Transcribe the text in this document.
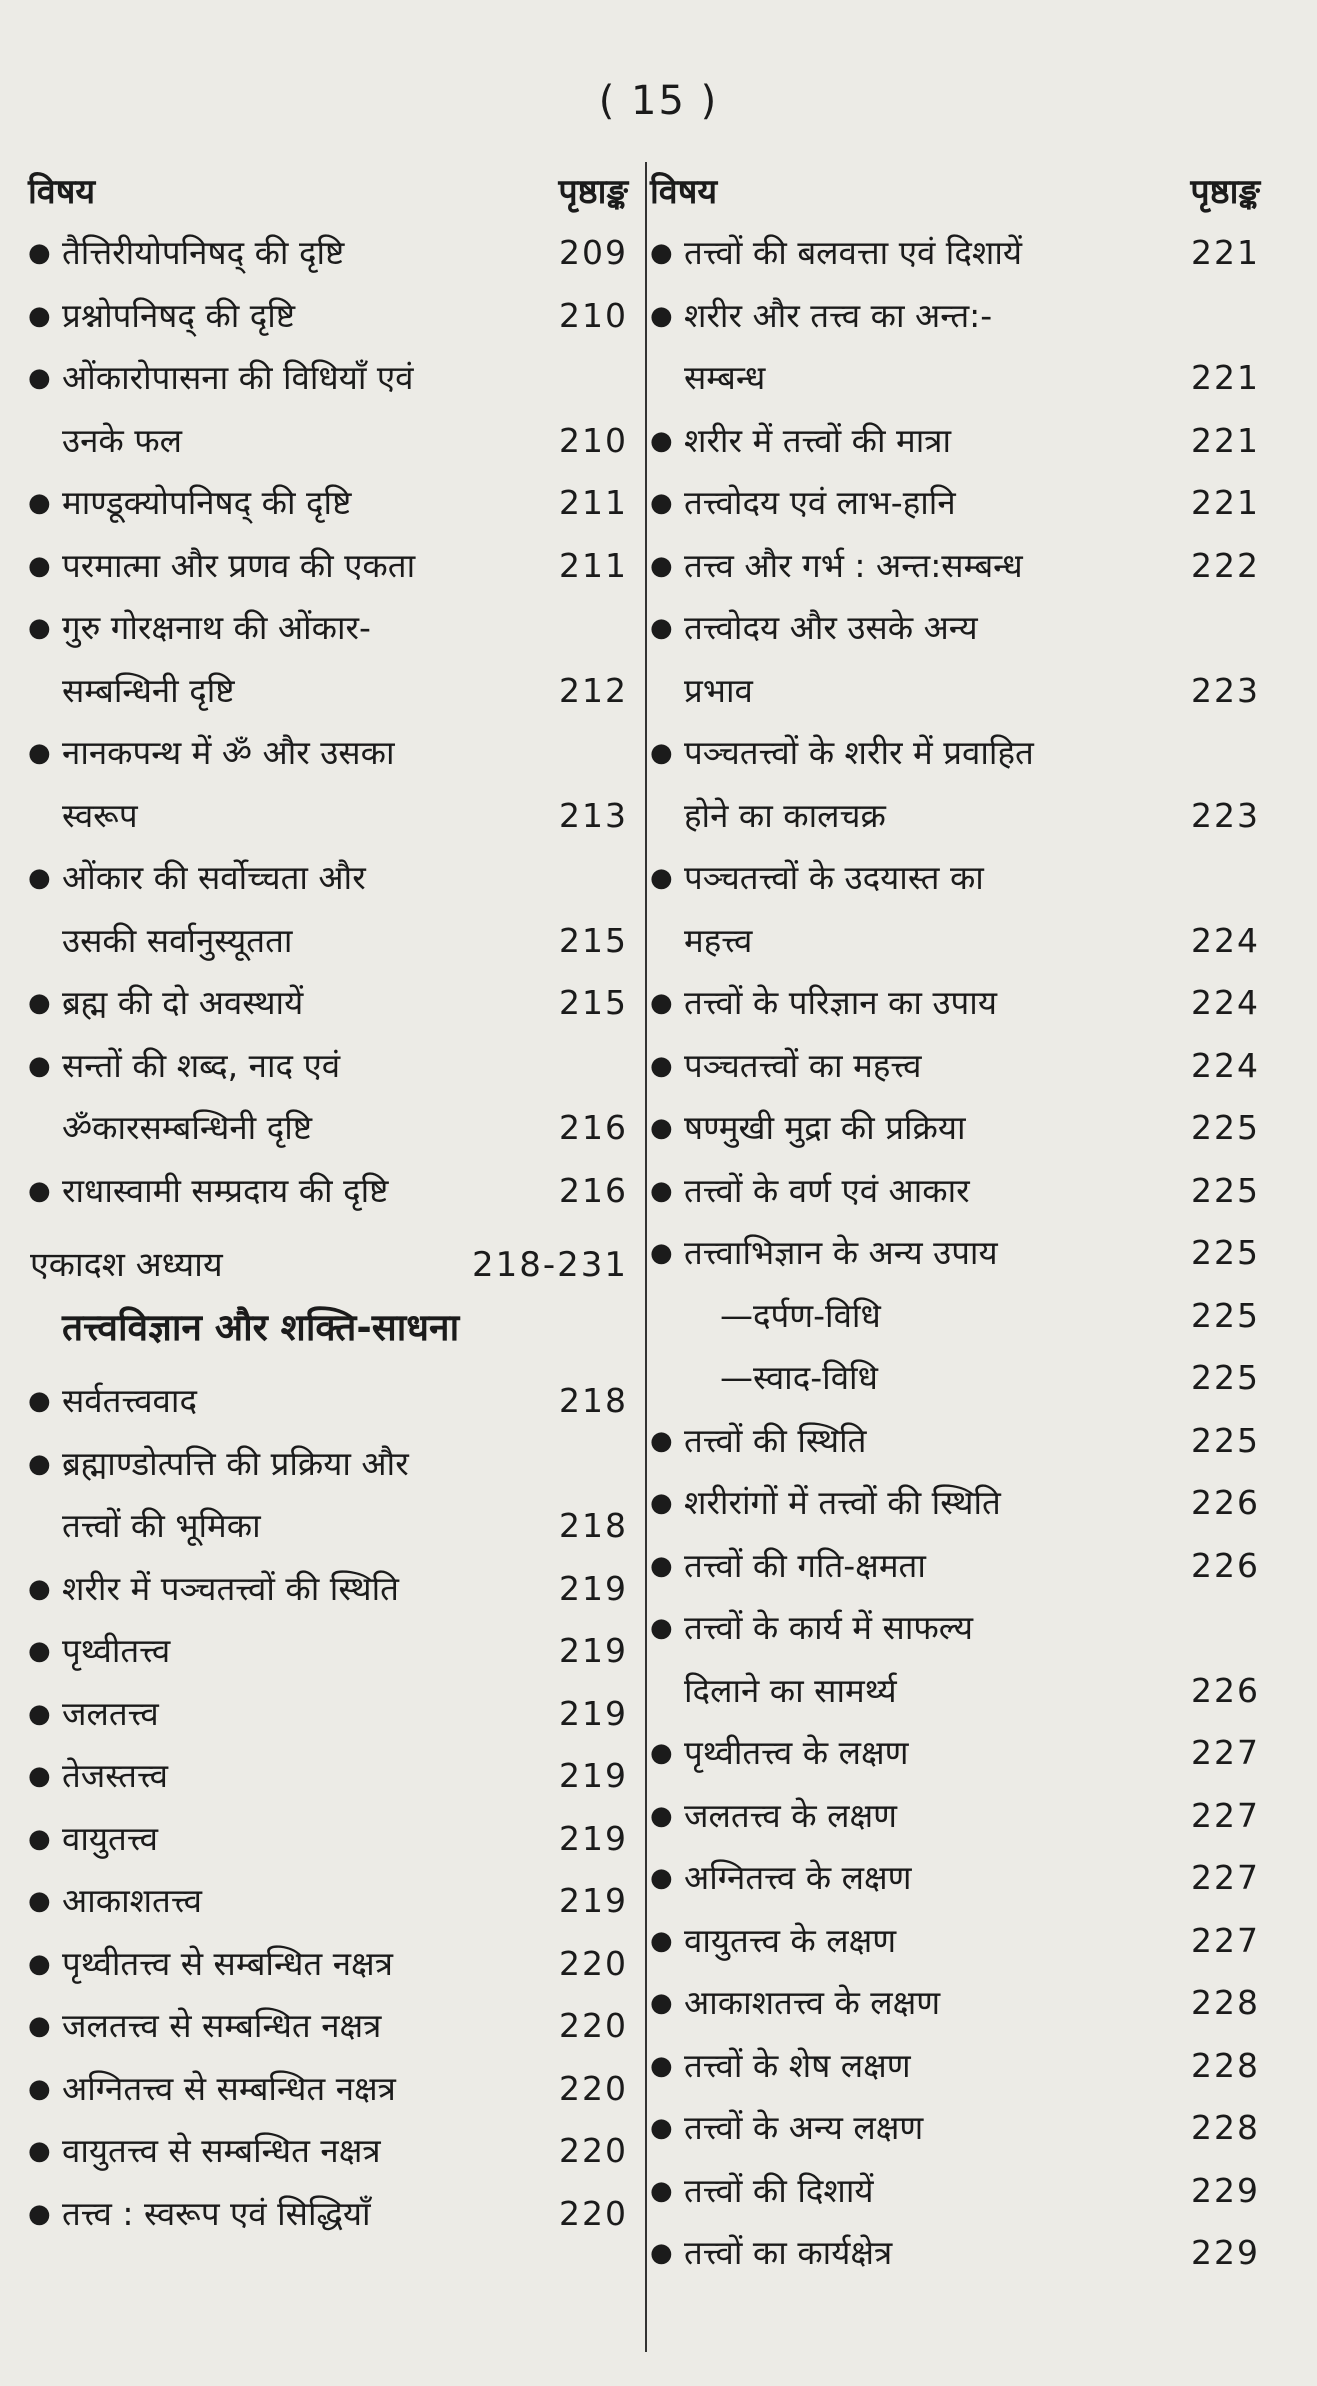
( 15 )
विषय	पृष्ठाङ्क
● तैत्तिरीयोपनिषद् की दृष्टि	209
● प्रश्नोपनिषद् की दृष्टि	210
● ओंकारोपासना की विधियाँ एवं
उनके फल	210
● माण्डूक्योपनिषद् की दृष्टि	211
● परमात्मा और प्रणव की एकता	211
● गुरु गोरक्षनाथ की ओंकार-
सम्बन्धिनी दृष्टि	212
● नानकपन्थ में ॐ और उसका
स्वरूप	213
● ओंकार की सर्वोच्चता और
उसकी सर्वानुस्यूतता	215
● ब्रह्म की दो अवस्थायें	215
● सन्तों की शब्द, नाद एवं
ॐकारसम्बन्धिनी दृष्टि	216
● राधास्वामी सम्प्रदाय की दृष्टि	216
एकादश अध्याय	218-231
तत्त्वविज्ञान और शक्ति-साधना
● सर्वतत्त्ववाद	218
● ब्रह्माण्डोत्पत्ति की प्रक्रिया और
तत्त्वों की भूमिका	218
● शरीर में पञ्चतत्त्वों की स्थिति	219
● पृथ्वीतत्त्व	219
● जलतत्त्व	219
● तेजस्तत्त्व	219
● वायुतत्त्व	219
● आकाशतत्त्व	219
● पृथ्वीतत्त्व से सम्बन्धित नक्षत्र	220
● जलतत्त्व से सम्बन्धित नक्षत्र	220
● अग्नितत्त्व से सम्बन्धित नक्षत्र	220
● वायुतत्त्व से सम्बन्धित नक्षत्र	220
● तत्त्व : स्वरूप एवं सिद्धियाँ	220
विषय	पृष्ठाङ्क
● तत्त्वों की बलवत्ता एवं दिशायें	221
● शरीर और तत्त्व का अन्त:-
सम्बन्ध	221
● शरीर में तत्त्वों की मात्रा	221
● तत्त्वोदय एवं लाभ-हानि	221
● तत्त्व और गर्भ : अन्त:सम्बन्ध	222
● तत्त्वोदय और उसके अन्य
प्रभाव	223
● पञ्चतत्त्वों के शरीर में प्रवाहित
होने का कालचक्र	223
● पञ्चतत्त्वों के उदयास्त का
महत्त्व	224
● तत्त्वों के परिज्ञान का उपाय	224
● पञ्चतत्त्वों का महत्त्व	224
● षण्मुखी मुद्रा की प्रक्रिया	225
● तत्त्वों के वर्ण एवं आकार	225
● तत्त्वाभिज्ञान के अन्य उपाय	225
—दर्पण-विधि	225
—स्वाद-विधि	225
● तत्त्वों की स्थिति	225
● शरीरांगों में तत्त्वों की स्थिति	226
● तत्त्वों की गति-क्षमता	226
● तत्त्वों के कार्य में साफल्य
दिलाने का सामर्थ्य	226
● पृथ्वीतत्त्व के लक्षण	227
● जलतत्त्व के लक्षण	227
● अग्नितत्त्व के लक्षण	227
● वायुतत्त्व के लक्षण	227
● आकाशतत्त्व के लक्षण	228
● तत्त्वों के शेष लक्षण	228
● तत्त्वों के अन्य लक्षण	228
● तत्त्वों की दिशायें	229
● तत्त्वों का कार्यक्षेत्र	229
